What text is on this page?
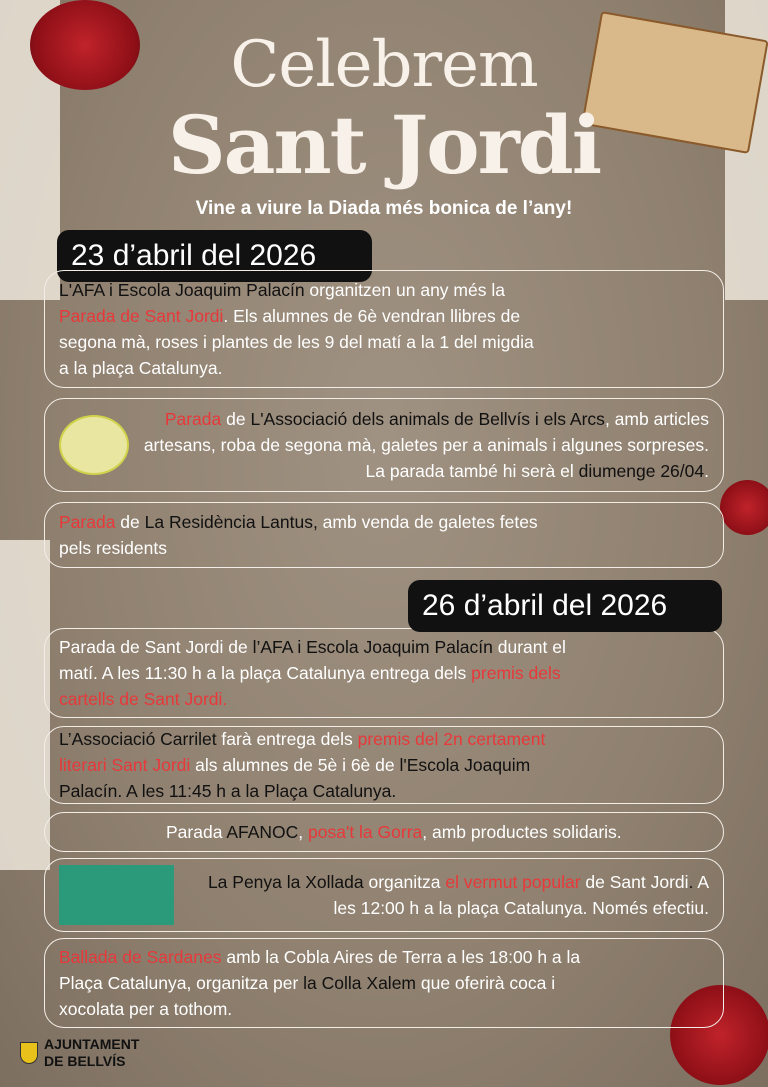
Celebrem
Sant Jordi
Vine a viure la Diada més bonica de l’any!
23 d’abril del 2026
L'AFA i Escola Joaquim Palacín organitzen un any més la Parada de Sant Jordi. Els alumnes de 6è vendran llibres de segona mà, roses i plantes de les 9 del matí a la 1 del migdia a la plaça Catalunya.
Parada de L'Associació dels animals de Bellvís i els Arcs, amb articles artesans, roba de segona mà, galetes per a animals i algunes sorpreses. La parada també hi serà el diumenge 26/04.
Parada de La Residència Lantus, amb venda de galetes fetes pels residents
Parada de Sant Jordi de l’AFA i Escola Joaquim Palacín durant el matí. A les 11:30 h a la plaça Catalunya entrega dels premis dels cartells de Sant Jordi.
L’Associació Carrilet farà entrega dels premis del 2n certament literari Sant Jordi als alumnes de 5è i 6è de l'Escola Joaquim Palacín. A les 11:45 h a la Plaça Catalunya.
Parada AFANOC, posa't la Gorra, amb productes solidaris.
La Penya la Xollada organitza el vermut popular de Sant Jordi. A les 12:00 h a la plaça Catalunya. Només efectiu.
Ballada de Sardanes amb la Cobla Aires de Terra a les 18:00 h a la Plaça Catalunya, organitza per la Colla Xalem que oferirà coca i xocolata per a tothom.
26 d’abril del 2026
AJUNTAMENT
DE BELLVÍS
